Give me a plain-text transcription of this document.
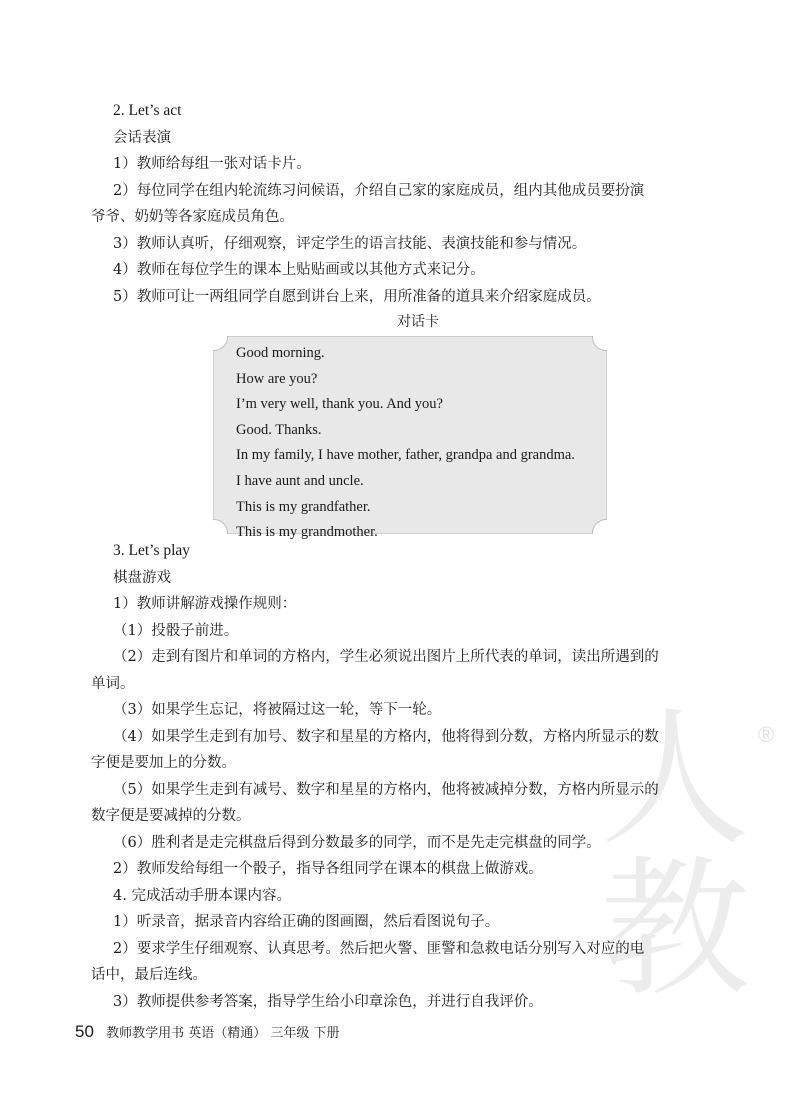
人教
®

2. Let’s act

会话表演

1）教师给每组一张对话卡片。

2）每位同学在组内轮流练习问候语，介绍自己家的家庭成员，组内其他成员要扮演

爷爷、奶奶等各家庭成员角色。

3）教师认真听，仔细观察，评定学生的语言技能、表演技能和参与情况。

4）教师在每位学生的课本上贴贴画或以其他方式来记分。

5）教师可让一两组同学自愿到讲台上来，用所准备的道具来介绍家庭成员。

对话卡

Good morning.

How are you?

I’m very well, thank you. And you?

Good. Thanks.

In my family, I have mother, father, grandpa and grandma.

I have aunt and uncle.

This is my grandfather.

This is my grandmother.

3. Let’s play

棋盘游戏

1）教师讲解游戏操作规则：

（1）投骰子前进。

（2）走到有图片和单词的方格内，学生必须说出图片上所代表的单词，读出所遇到的

单词。

（3）如果学生忘记，将被隔过这一轮，等下一轮。

（4）如果学生走到有加号、数字和星星的方格内，他将得到分数，方格内所显示的数

字便是要加上的分数。

（5）如果学生走到有减号、数字和星星的方格内，他将被减掉分数，方格内所显示的

数字便是要减掉的分数。

（6）胜利者是走完棋盘后得到分数最多的同学，而不是先走完棋盘的同学。

2）教师发给每组一个骰子，指导各组同学在课本的棋盘上做游戏。

4. 完成活动手册本课内容。

1）听录音，据录音内容给正确的图画圈，然后看图说句子。

2）要求学生仔细观察、认真思考。然后把火警、匪警和急救电话分别写入对应的电

话中，最后连线。

3）教师提供参考答案，指导学生给小印章涂色，并进行自我评价。

50 教师教学用书 英语（精通） 三年级 下册
